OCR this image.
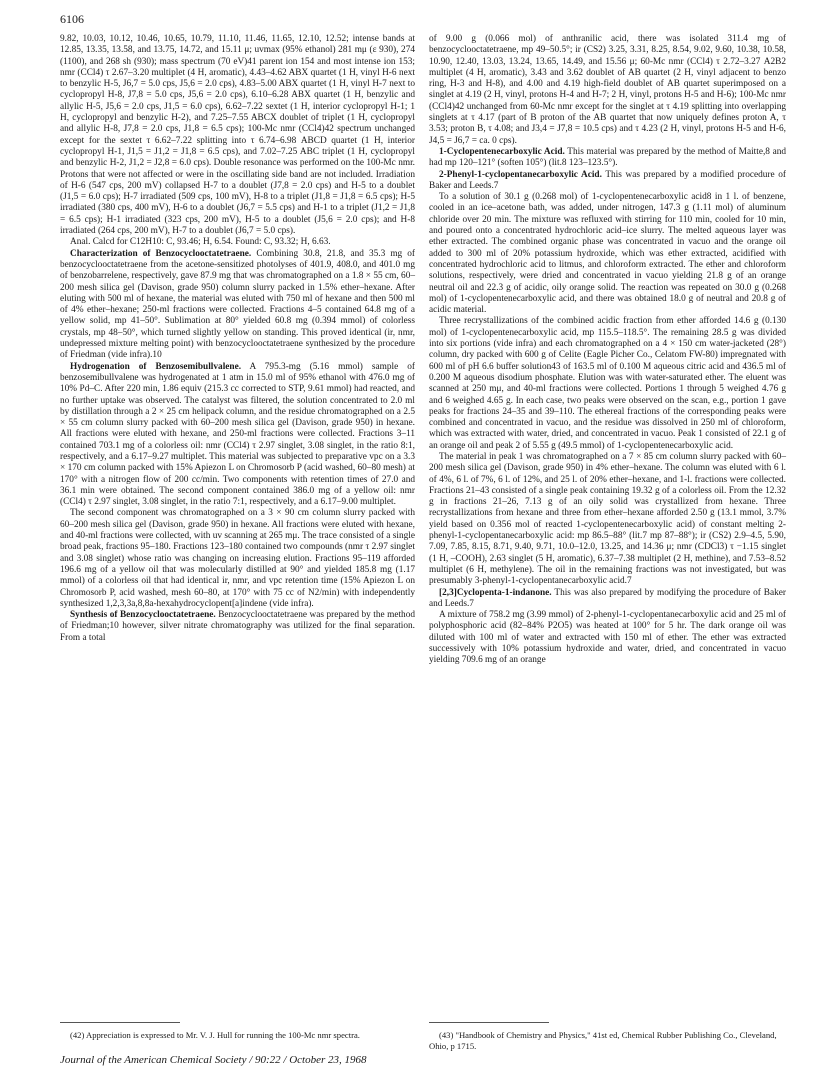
6106

9.82, 10.03, 10.12, 10.46, 10.65, 10.79, 11.10, 11.46, 11.65, 12.10, 12.52; intense bands at 12.85, 13.35, 13.58, and 13.75, 14.72, and 15.11 μ; uvmax (95% ethanol) 281 mμ (ε 930), 274 (1100), and 268 sh (930); mass spectrum (70 eV)41 parent ion 154 and most intense ion 153; nmr (CCl4) τ 2.67–3.20 multiplet (4 H, aromatic), 4.43–4.62 ABX quartet (1 H, vinyl H-6 next to benzylic H-5, J6,7 = 5.0 cps, J5,6 = 2.0 cps), 4.83–5.00 ABX quartet (1 H, vinyl H-7 next to cyclopropyl H-8, J7,8 = 5.0 cps, J5,6 = 2.0 cps), 6.10–6.28 ABX quartet (1 H, benzylic and allylic H-5, J5,6 = 2.0 cps, J1,5 = 6.0 cps), 6.62–7.22 sextet (1 H, interior cyclopropyl H-1; 1 H, cyclopropyl and benzylic H-2), and 7.25–7.55 ABCX doublet of triplet (1 H, cyclopropyl and allylic H-8, J7,8 = 2.0 cps, J1,8 = 6.5 cps); 100-Mc nmr (CCl4)42 spectrum unchanged except for the sextet τ 6.62–7.22 splitting into τ 6.74–6.98 ABCD quartet (1 H, interior cyclopropyl H-1, J1,5 = J1,2 = J1,8 = 6.5 cps), and 7.02–7.25 ABC triplet (1 H, cyclopropyl and benzylic H-2, J1,2 = J2,8 = 6.0 cps). Double resonance was performed on the 100-Mc nmr. Protons that were not affected or were in the oscillating side band are not included. Irradiation of H-6 (547 cps, 200 mV) collapsed H-7 to a doublet (J7,8 = 2.0 cps) and H-5 to a doublet (J1,5 = 6.0 cps); H-7 irradiated (509 cps, 100 mV), H-8 to a triplet (J1,8 = J1,8 = 6.5 cps); H-5 irradiated (380 cps, 400 mV), H-6 to a doublet (J6,7 = 5.5 cps) and H-1 to a triplet (J1,2 = J1,8 = 6.5 cps); H-1 irradiated (323 cps, 200 mV), H-5 to a doublet (J5,6 = 2.0 cps); and H-8 irradiated (264 cps, 200 mV), H-7 to a doublet (J6,7 = 5.0 cps).

Anal. Calcd for C12H10: C, 93.46; H, 6.54. Found: C, 93.32; H, 6.63.

Characterization of Benzocyclooctatetraene. Combining 30.8, 21.8, and 35.3 mg of benzocyclooctatetraene from the acetone-sensitized photolyses of 401.9, 408.0, and 401.0 mg of benzobarrelene, respectively, gave 87.9 mg that was chromatographed on a 1.8 × 55 cm, 60–200 mesh silica gel (Davison, grade 950) column slurry packed in 1.5% ether–hexane. After eluting with 500 ml of hexane, the material was eluted with 750 ml of hexane and then 500 ml of 4% ether–hexane; 250-ml fractions were collected. Fractions 4–5 contained 64.8 mg of a yellow solid, mp 41–50°. Sublimation at 80° yielded 60.8 mg (0.394 mmol) of colorless crystals, mp 48–50°, which turned slightly yellow on standing. This proved identical (ir, nmr, undepressed mixture melting point) with benzocyclooctatetraene synthesized by the procedure of Friedman (vide infra).10

Hydrogenation of Benzosemibullvalene. A 795.3-mg (5.16 mmol) sample of benzosemibullvalene was hydrogenated at 1 atm in 15.0 ml of 95% ethanol with 476.0 mg of 10% Pd–C. After 220 min, 1.86 equiv (215.3 cc corrected to STP, 9.61 mmol) had reacted, and no further uptake was observed. The catalyst was filtered, the solution concentrated to 2.0 ml by distillation through a 2 × 25 cm helipack column, and the residue chromatographed on a 2.5 × 55 cm column slurry packed with 60–200 mesh silica gel (Davison, grade 950) in hexane. All fractions were eluted with hexane, and 250-ml fractions were collected. Fractions 3–11 contained 703.1 mg of a colorless oil: nmr (CCl4) τ 2.97 singlet, 3.08 singlet, in the ratio 8:1, respectively, and a 6.17–9.27 multiplet. This material was subjected to preparative vpc on a 3.3 × 170 cm column packed with 15% Apiezon L on Chromosorb P (acid washed, 60–80 mesh) at 170° with a nitrogen flow of 200 cc/min. Two components with retention times of 27.0 and 36.1 min were obtained. The second component contained 386.0 mg of a yellow oil: nmr (CCl4) τ 2.97 singlet, 3.08 singlet, in the ratio 7:1, respectively, and a 6.17–9.00 multiplet.

The second component was chromatographed on a 3 × 90 cm column slurry packed with 60–200 mesh silica gel (Davison, grade 950) in hexane. All fractions were eluted with hexane, and 40-ml fractions were collected, with uv scanning at 265 mμ. The trace consisted of a single broad peak, fractions 95–180. Fractions 123–180 contained two compounds (nmr τ 2.97 singlet and 3.08 singlet) whose ratio was changing on increasing elution. Fractions 95–119 afforded 196.6 mg of a yellow oil that was molecularly distilled at 90° and yielded 185.8 mg (1.17 mmol) of a colorless oil that had identical ir, nmr, and vpc retention time (15% Apiezon L on Chromosorb P, acid washed, mesh 60–80, at 170° with 75 cc of N2/min) with independently synthesized 1,2,3,3a,8,8a-hexahydrocyclopent[a]indene (vide infra).

Synthesis of Benzocyclooctatetraene. Benzocyclooctatetraene was prepared by the method of Friedman;10 however, silver nitrate chromatography was utilized for the final separation. From a total

of 9.00 g (0.066 mol) of anthranilic acid, there was isolated 311.4 mg of benzocyclooctatetraene, mp 49–50.5°; ir (CS2) 3.25, 3.31, 8.25, 8.54, 9.02, 9.60, 10.38, 10.58, 10.90, 12.40, 13.03, 13.24, 13.65, 14.49, and 15.56 μ; 60-Mc nmr (CCl4) τ 2.72–3.27 A2B2 multiplet (4 H, aromatic), 3.43 and 3.62 doublet of AB quartet (2 H, vinyl adjacent to benzo ring, H-3 and H-8), and 4.00 and 4.19 high-field doublet of AB quartet superimposed on a singlet at 4.19 (2 H, vinyl, protons H-4 and H-7; 2 H, vinyl, protons H-5 and H-6); 100-Mc nmr (CCl4)42 unchanged from 60-Mc nmr except for the singlet at τ 4.19 splitting into overlapping singlets at τ 4.17 (part of B proton of the AB quartet that now uniquely defines proton A, τ 3.53; proton B, τ 4.08; and J3,4 = J7,8 = 10.5 cps) and τ 4.23 (2 H, vinyl, protons H-5 and H-6, J4,5 = J6,7 = ca. 0 cps).

1-Cyclopentenecarboxylic Acid. This material was prepared by the method of Maitte,8 and had mp 120–121° (soften 105°) (lit.8 123–123.5°).

2-Phenyl-1-cyclopentanecarboxylic Acid. This was prepared by a modified procedure of Baker and Leeds.7

To a solution of 30.1 g (0.268 mol) of 1-cyclopentenecarboxylic acid8 in 1 l. of benzene, cooled in an ice–acetone bath, was added, under nitrogen, 147.3 g (1.11 mol) of aluminum chloride over 20 min. The mixture was refluxed with stirring for 110 min, cooled for 10 min, and poured onto a concentrated hydrochloric acid–ice slurry. The melted aqueous layer was ether extracted. The combined organic phase was concentrated in vacuo and the orange oil added to 300 ml of 20% potassium hydroxide, which was ether extracted, acidified with concentrated hydrochloric acid to litmus, and chloroform extracted. The ether and chloroform solutions, respectively, were dried and concentrated in vacuo yielding 21.8 g of an orange neutral oil and 22.3 g of acidic, oily orange solid. The reaction was repeated on 30.0 g (0.268 mol) of 1-cyclopentenecarboxylic acid, and there was obtained 18.0 g of neutral and 20.8 g of acidic material.

Three recrystallizations of the combined acidic fraction from ether afforded 14.6 g (0.130 mol) of 1-cyclopentenecarboxylic acid, mp 115.5–118.5°. The remaining 28.5 g was divided into six portions (vide infra) and each chromatographed on a 4 × 150 cm water-jacketed (28°) column, dry packed with 600 g of Celite (Eagle Picher Co., Celatom FW-80) impregnated with 600 ml of pH 6.6 buffer solution43 of 163.5 ml of 0.100 M aqueous citric acid and 436.5 ml of 0.200 M aqueous disodium phosphate. Elution was with water-saturated ether. The eluent was scanned at 250 mμ, and 40-ml fractions were collected. Portions 1 through 5 weighed 4.76 g and 6 weighed 4.65 g. In each case, two peaks were observed on the scan, e.g., portion 1 gave peaks for fractions 24–35 and 39–110. The ethereal fractions of the corresponding peaks were combined and concentrated in vacuo, and the residue was dissolved in 250 ml of chloroform, which was extracted with water, dried, and concentrated in vacuo. Peak 1 consisted of 22.1 g of an orange oil and peak 2 of 5.55 g (49.5 mmol) of 1-cyclopentenecarboxylic acid.

The material in peak 1 was chromatographed on a 7 × 85 cm column slurry packed with 60–200 mesh silica gel (Davison, grade 950) in 4% ether–hexane. The column was eluted with 6 l. of 4%, 6 l. of 7%, 6 l. of 12%, and 25 l. of 20% ether–hexane, and 1-l. fractions were collected. Fractions 21–43 consisted of a single peak containing 19.32 g of a colorless oil. From the 12.32 g in fractions 21–26, 7.13 g of an oily solid was crystallized from hexane. Three recrystallizations from hexane and three from ether–hexane afforded 2.50 g (13.1 mmol, 3.7% yield based on 0.356 mol of reacted 1-cyclopentenecarboxylic acid) of constant melting 2-phenyl-1-cyclopentanecarboxylic acid: mp 86.5–88° (lit.7 mp 87–88°); ir (CS2) 2.9–4.5, 5.90, 7.09, 7.85, 8.15, 8.71, 9.40, 9.71, 10.0–12.0, 13.25, and 14.36 μ; nmr (CDCl3) τ −1.15 singlet (1 H, –COOH), 2.63 singlet (5 H, aromatic), 6.37–7.38 multiplet (2 H, methine), and 7.53–8.52 multiplet (6 H, methylene). The oil in the remaining fractions was not investigated, but was presumably 3-phenyl-1-cyclopentanecarboxylic acid.7

[2,3]Cyclopenta-1-indanone. This was also prepared by modifying the procedure of Baker and Leeds.7

A mixture of 758.2 mg (3.99 mmol) of 2-phenyl-1-cyclopentanecarboxylic acid and 25 ml of polyphosphoric acid (82–84% P2O5) was heated at 100° for 5 hr. The dark orange oil was diluted with 100 ml of water and extracted with 150 ml of ether. The ether was extracted successively with 10% potassium hydroxide and water, dried, and concentrated in vacuo yielding 709.6 mg of an orange

(42) Appreciation is expressed to Mr. V. J. Hull for running the 100-Mc nmr spectra.	(43) "Handbook of Chemistry and Physics," 41st ed, Chemical Rubber Publishing Co., Cleveland, Ohio, p 1715.

Journal of the American Chemical Society / 90:22 / October 23, 1968
